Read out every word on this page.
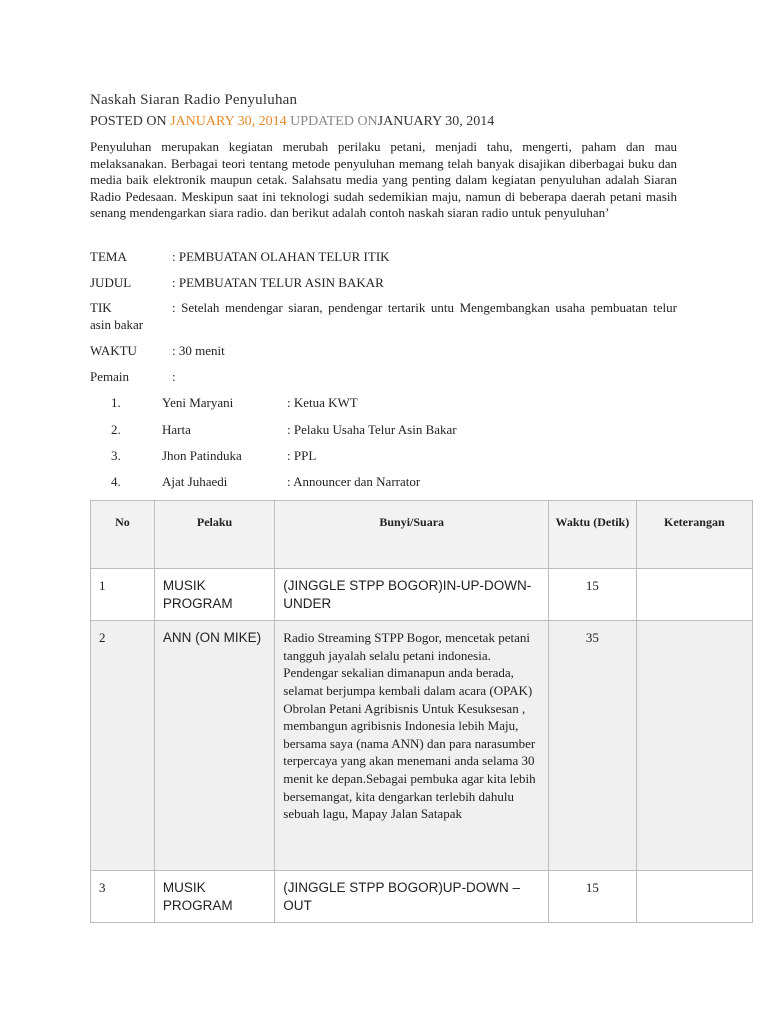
Naskah Siaran Radio Penyuluhan
POSTED ON JANUARY 30, 2014 UPDATED ONJANUARY 30, 2014
Penyuluhan merupakan kegiatan merubah perilaku petani, menjadi tahu, mengerti, paham dan mau melaksanakan. Berbagai teori tentang metode penyuluhan memang telah banyak disajikan diberbagai buku dan media baik elektronik maupun cetak. Salahsatu media yang penting dalam kegiatan penyuluhan adalah Siaran Radio Pedesaan. Meskipun saat ini teknologi sudah sedemikian maju, namun di beberapa daerah petani masih senang mendengarkan siara radio. dan berikut adalah contoh naskah siaran radio untuk penyuluhan’
TEMA	: PEMBUATAN OLAHAN TELUR ITIK
JUDUL	: PEMBUATAN TELUR ASIN BAKAR
TIK	: Setelah mendengar siaran, pendengar tertarik untu Mengembangkan usaha pembuatan telur asin bakar
WAKTU	: 30 menit
Pemain	:
1.	Yeni Maryani	: Ketua KWT
2.	Harta	: Pelaku Usaha Telur Asin Bakar
3.	Jhon Patinduka	: PPL
4.	Ajat Juhaedi	: Announcer dan Narrator
No	Pelaku	Bunyi/Suara	Waktu (Detik)	Keterangan
1	MUSIK PROGRAM	(JINGGLE STPP BOGOR)IN-UP-DOWN-UNDER	15	
2	ANN (ON MIKE)	Radio Streaming STPP Bogor, mencetak petani tangguh jayalah selalu petani indonesia. Pendengar sekalian dimanapun anda berada, selamat berjumpa kembali dalam acara (OPAK) Obrolan Petani Agribisnis Untuk Kesuksesan , membangun agribisnis Indonesia lebih Maju, bersama saya (nama ANN) dan para narasumber terpercaya yang akan menemani anda selama 30 menit ke depan.Sebagai pembuka agar kita lebih bersemangat, kita dengarkan terlebih dahulu sebuah lagu, Mapay Jalan Satapak	35	
3	MUSIK PROGRAM	(JINGGLE STPP BOGOR)UP-DOWN – OUT	15	
